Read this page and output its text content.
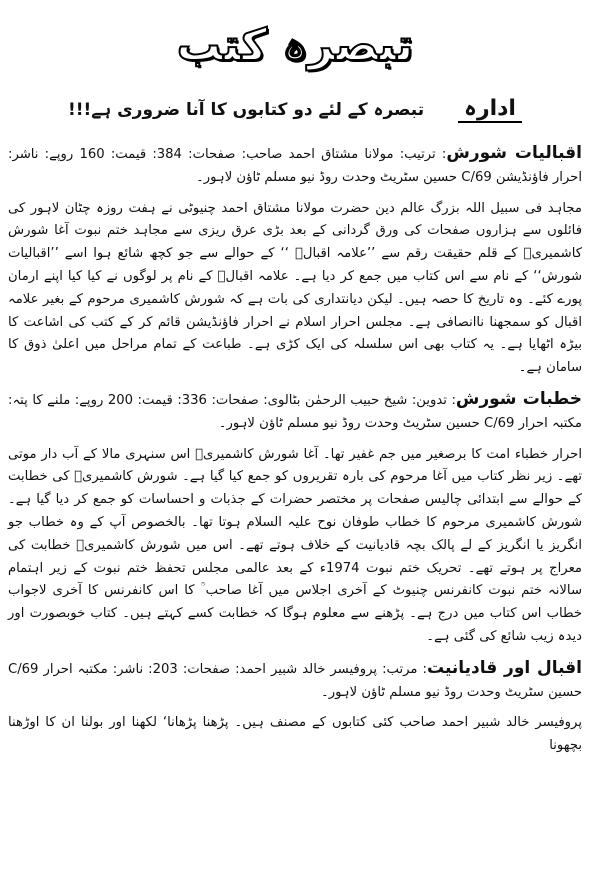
تبصرہ کتب
ادارہ تبصرہ کے لئے دو کتابوں کا آنا ضروری ہے!!!

اقبالیات شورش: ترتیب: مولانا مشتاق احمد صاحب: صفحات: 384: قیمت: 160 روپے: ناشر: احرار فاؤنڈیشن 69/C حسین سٹریٹ وحدت روڈ نیو مسلم ٹاؤن لاہور۔

مجاہد فی سبیل اللہ بزرگ عالم دین حضرت مولانا مشتاق احمد چنیوٹی نے ہفت روزہ چٹان لاہور کی فائلوں سے ہزاروں صفحات کی ورق گردانی کے بعد بڑی عرق ریزی سے مجاہد ختم نبوت آغا شورش کاشمیریؒ کے قلم حقیقت رقم سے ’’علامہ اقبالؒ ‘‘ کے حوالے سے جو کچھ شائع ہوا اسے ’’اقبالیات شورش‘‘ کے نام سے اس کتاب میں جمع کر دیا ہے۔ علامہ اقبالؒ کے نام پر لوگوں نے کیا کیا اپنے ارمان پورے کئے۔ وہ تاریخ کا حصہ ہیں۔ لیکن دیانتداری کی بات ہے کہ شورش کاشمیری مرحوم کے بغیر علامہ اقبال کو سمجھنا ناانصافی ہے۔ مجلس احرار اسلام نے احرار فاؤنڈیشن قائم کر کے کتب کی اشاعت کا بیڑہ اٹھایا ہے۔ یہ کتاب بھی اس سلسلہ کی ایک کڑی ہے۔ طباعت کے تمام مراحل میں اعلیٰ ذوق کا سامان ہے۔

خطبات شورش: تدوین: شیخ حبیب الرحمٰن بٹالوی: صفحات: 336: قیمت: 200 روپے: ملنے کا پتہ: مکتبہ احرار 69/C حسین سٹریٹ وحدت روڈ نیو مسلم ٹاؤن لاہور۔

احرار خطباء امت کا برصغیر میں جم غفیر تھا۔ آغا شورش کاشمیریؒ اس سنہری مالا کے آب دار موتی تھے۔ زیر نظر کتاب میں آغا مرحوم کی بارہ تقریروں کو جمع کیا گیا ہے۔ شورش کاشمیریؒ کی خطابت کے حوالے سے ابتدائی چالیس صفحات پر مختصر حضرات کے جذبات و احساسات کو جمع کر دیا گیا ہے۔ شورش کاشمیری مرحوم کا خطاب طوفان نوح علیہ السلام ہوتا تھا۔ بالخصوص آپ کے وہ خطاب جو انگریز یا انگریز کے لے پالک بچہ قادیانیت کے خلاف ہوتے تھے۔ اس میں شورش کاشمیریؒ خطابت کی معراج پر ہوتے تھے۔ تحریک ختم نبوت 1974ء کے بعد عالمی مجلس تحفظ ختم نبوت کے زیر اہتمام سالانہ ختم نبوت کانفرنس چنیوٹ کے آخری اجلاس میں آغا صاحب ؒ کا اس کانفرنس کا آخری لاجواب خطاب اس کتاب میں درج ہے۔ پڑھنے سے معلوم ہوگا کہ خطابت کسے کہتے ہیں۔ کتاب خوبصورت اور دیدہ زیب شائع کی گئی ہے۔

اقبال اور قادیانیت: مرتب: پروفیسر خالد شبیر احمد: صفحات: 203: ناشر: مکتبہ احرار 69/C حسین سٹریٹ وحدت روڈ نیو مسلم ٹاؤن لاہور۔

پروفیسر خالد شبیر احمد صاحب کئی کتابوں کے مصنف ہیں۔ پڑھنا پڑھانا‘ لکھنا اور بولنا ان کا اوڑھنا بچھونا
